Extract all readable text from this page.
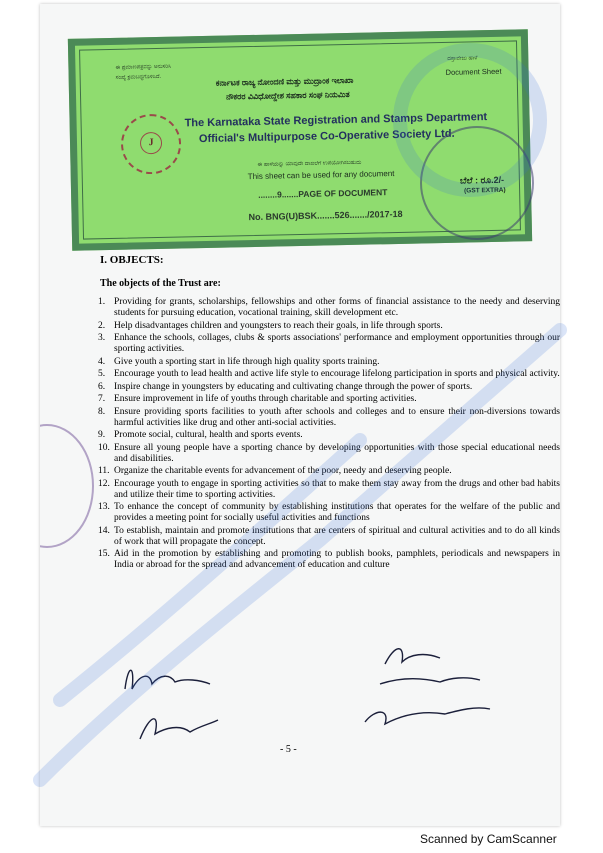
ಈ ಪ್ರಮಾಣಪತ್ರವನ್ನು ಅನುಸರಿಸಿ
ಸಂಖ್ಯೆ ಕ್ರಮಬದ್ಧಗೊಳಿಸಿದೆ.
ದಸ್ತಾವೇಜು ಹಾಳೆ
Document Sheet
ಕರ್ನಾಟಕ ರಾಜ್ಯ ನೋಂದಣಿ ಮತ್ತು ಮುದ್ರಾಂಕ ಇಲಾಖಾ
ನೌಕರರ ವಿವಿಧೋದ್ದೇಶ ಸಹಕಾರ ಸಂಘ ನಿಯಮಿತ
The Karnataka State Registration and Stamps Department
Official's Multipurpose Co-Operative Society Ltd.
J
ಈ ಹಾಳೆಯನ್ನು ಯಾವುದೇ ದಾಖಲೆಗೆ ಉಪಯೋಗಿಸಬಹುದು
This sheet can be used for any document
........9.......PAGE OF DOCUMENT
No. BNG(U)BSK.......526......./2017-18
ಬೆಲೆ : ರೂ.2/-
(GST EXTRA)
I. OBJECTS:
The objects of the Trust are:
1. Providing for grants, scholarships, fellowships and other forms of financial assistance to the needy and deserving students for pursuing education, vocational training, skill development etc.
2. Help disadvantages children and youngsters to reach their goals, in life through sports.
3. Enhance the schools, collages, clubs & sports associations' performance and employment opportunities through our sporting activities.
4. Give youth a sporting start in life through high quality sports training.
5. Encourage youth to lead health and active life style to encourage lifelong participation in sports and physical activity.
6. Inspire change in youngsters by educating and cultivating change through the power of sports.
7. Ensure improvement in life of youths through charitable and sporting activities.
8. Ensure providing sports facilities to youth after schools and colleges and to ensure their non-diversions towards harmful activities like drug and other anti-social activities.
9. Promote social, cultural, health and sports events.
10. Ensure all young people have a sporting chance by developing opportunities with those special educational needs and disabilities.
11. Organize the charitable events for advancement of the poor, needy and deserving people.
12. Encourage youth to engage in sporting activities so that to make them stay away from the drugs and other bad habits and utilize their time to sporting activities.
13. To enhance the concept of community by establishing institutions that operates for the welfare of the public and provides a meeting point for socially useful activities and functions
14. To establish, maintain and promote institutions that are centers of spiritual and cultural activities and to do all kinds of work that will propagate the concept.
15. Aid in the promotion by establishing and promoting to publish books, pamphlets, periodicals and newspapers in India or abroad for the spread and advancement of education and culture
- 5 -
Scanned by CamScanner
